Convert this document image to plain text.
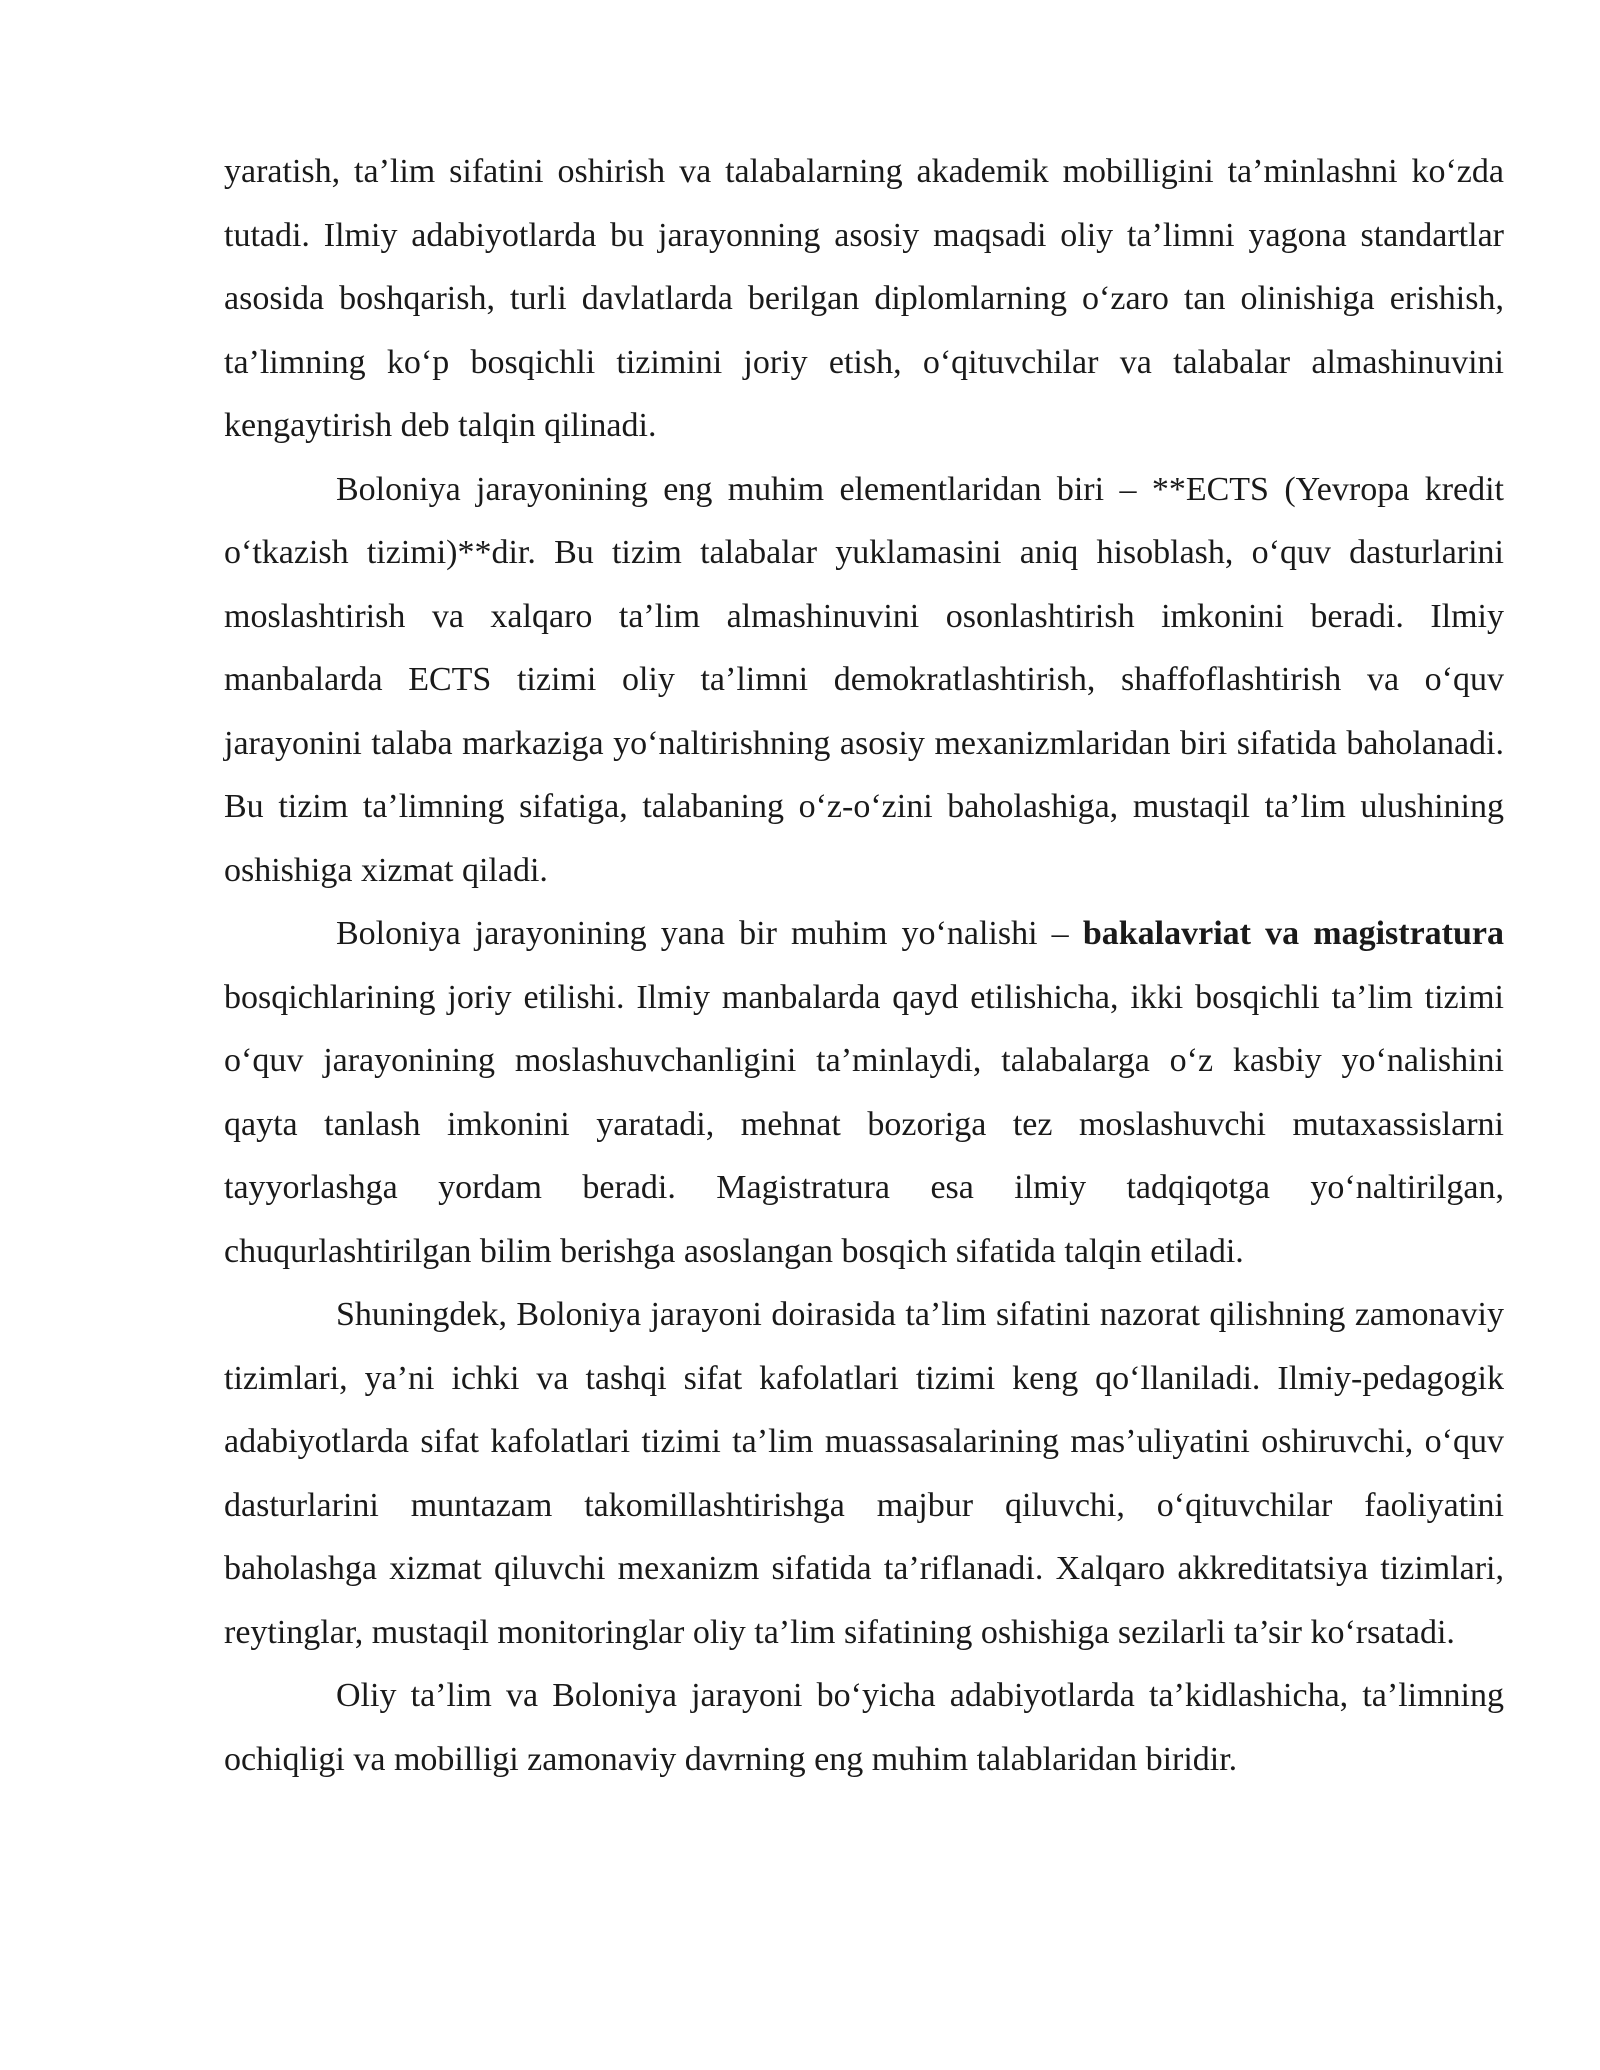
yaratish, ta’lim sifatini oshirish va talabalarning akademik mobilligini ta’minlashni ko‘zda tutadi. Ilmiy adabiyotlarda bu jarayonning asosiy maqsadi oliy ta’limni yagona standartlar asosida boshqarish, turli davlatlarda berilgan diplomlarning o‘zaro tan olinishiga erishish, ta’limning ko‘p bosqichli tizimini joriy etish, o‘qituvchilar va talabalar almashinuvini kengaytirish deb talqin qilinadi.

Boloniya jarayonining eng muhim elementlaridan biri – **ECTS (Yevropa kredit o‘tkazish tizimi)**dir. Bu tizim talabalar yuklamasini aniq hisoblash, o‘quv dasturlarini moslashtirish va xalqaro ta’lim almashinuvini osonlashtirish imkonini beradi. Ilmiy manbalarda ECTS tizimi oliy ta’limni demokratlashtirish, shaffoflashtirish va o‘quv jarayonini talaba markaziga yo‘naltirishning asosiy mexanizmlaridan biri sifatida baholanadi. Bu tizim ta’limning sifatiga, talabaning o‘z-o‘zini baholashiga, mustaqil ta’lim ulushining oshishiga xizmat qiladi.

Boloniya jarayonining yana bir muhim yo‘nalishi – bakalavriat va magistratura bosqichlarining joriy etilishi. Ilmiy manbalarda qayd etilishicha, ikki bosqichli ta’lim tizimi o‘quv jarayonining moslashuvchanligini ta’minlaydi, talabalarga o‘z kasbiy yo‘nalishini qayta tanlash imkonini yaratadi, mehnat bozoriga tez moslashuvchi mutaxassislarni tayyorlashga yordam beradi. Magistratura esa ilmiy tadqiqotga yo‘naltirilgan, chuqurlashtirilgan bilim berishga asoslangan bosqich sifatida talqin etiladi.

Shuningdek, Boloniya jarayoni doirasida ta’lim sifatini nazorat qilishning zamonaviy tizimlari, ya’ni ichki va tashqi sifat kafolatlari tizimi keng qo‘llaniladi. Ilmiy-pedagogik adabiyotlarda sifat kafolatlari tizimi ta’lim muassasalarining mas’uliyatini oshiruvchi, o‘quv dasturlarini muntazam takomillashtirishga majbur qiluvchi, o‘qituvchilar faoliyatini baholashga xizmat qiluvchi mexanizm sifatida ta’riflanadi. Xalqaro akkreditatsiya tizimlari, reytinglar, mustaqil monitoringlar oliy ta’lim sifatining oshishiga sezilarli ta’sir ko‘rsatadi.

Oliy ta’lim va Boloniya jarayoni bo‘yicha adabiyotlarda ta’kidlashicha, ta’limning ochiqligi va mobilligi zamonaviy davrning eng muhim talablaridan biridir.
